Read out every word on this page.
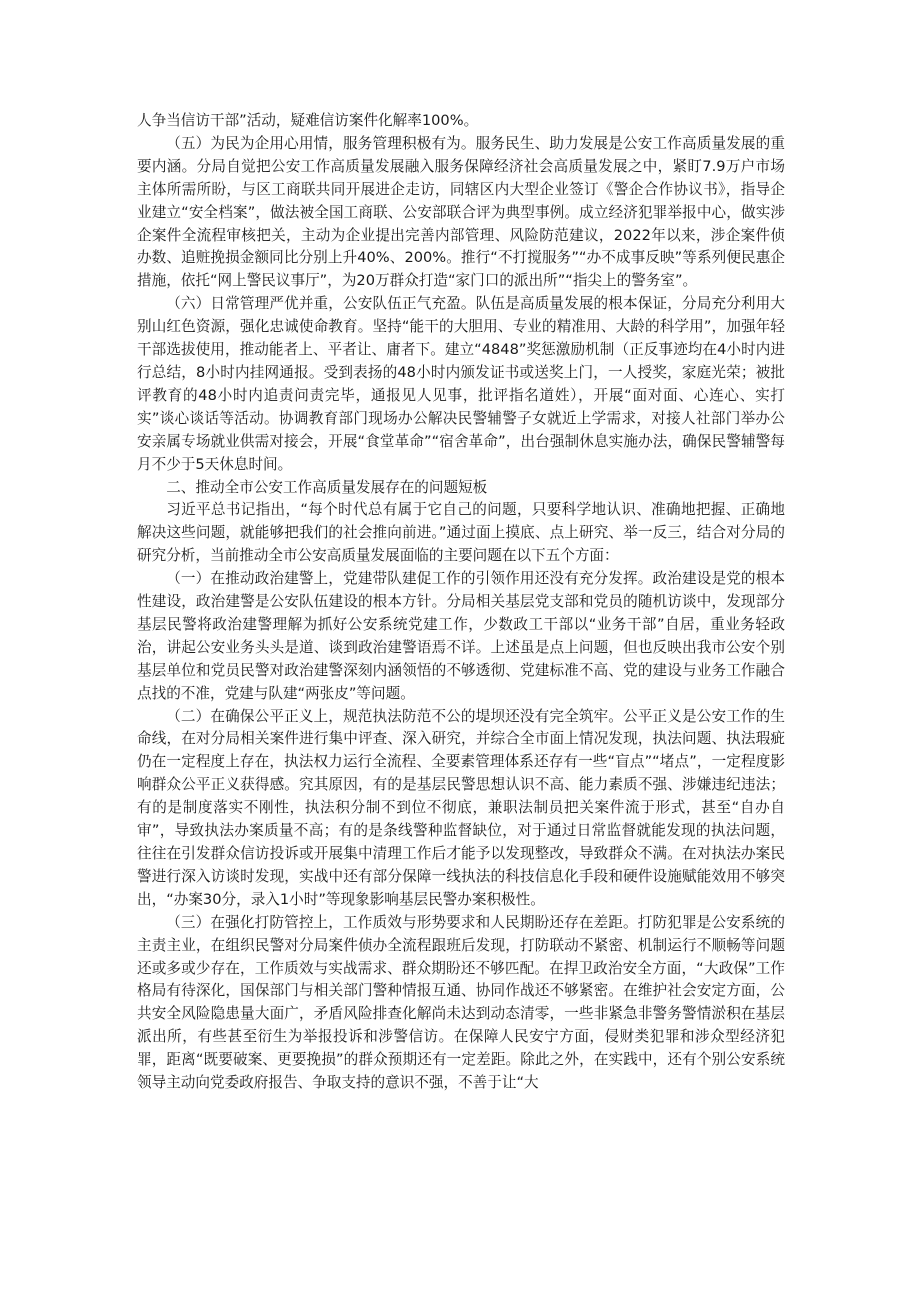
人争当信访干部”活动，疑难信访案件化解率100%。

（五）为民为企用心用情，服务管理积极有为。服务民生、助力发展是公安工作高质量发展的重要内涵。分局自觉把公安工作高质量发展融入服务保障经济社会高质量发展之中，紧盯7.9万户市场主体所需所盼，与区工商联共同开展进企走访，同辖区内大型企业签订《警企合作协议书》，指导企业建立“安全档案”，做法被全国工商联、公安部联合评为典型事例。成立经济犯罪举报中心，做实涉企案件全流程审核把关，主动为企业提出完善内部管理、风险防范建议，2022年以来，涉企案件侦办数、追赃挽损金额同比分别上升40%、200%。推行“不打搅服务”“办不成事反映”等系列便民惠企措施，依托“网上警民议事厅”，为20万群众打造“家门口的派出所”“指尖上的警务室”。

（六）日常管理严优并重，公安队伍正气充盈。队伍是高质量发展的根本保证，分局充分利用大别山红色资源，强化忠诚使命教育。坚持“能干的大胆用、专业的精准用、大龄的科学用”，加强年轻干部选拔使用，推动能者上、平者让、庸者下。建立“4848”奖惩激励机制（正反事迹均在4小时内进行总结，8小时内挂网通报。受到表扬的48小时内颁发证书或送奖上门，一人授奖，家庭光荣；被批评教育的48小时内追责问责完毕，通报见人见事，批评指名道姓），开展“面对面、心连心、实打实”谈心谈话等活动。协调教育部门现场办公解决民警辅警子女就近上学需求，对接人社部门举办公安亲属专场就业供需对接会，开展“食堂革命”“宿舍革命”，出台强制休息实施办法，确保民警辅警每月不少于5天休息时间。

二、推动全市公安工作高质量发展存在的问题短板

习近平总书记指出，“每个时代总有属于它自己的问题，只要科学地认识、准确地把握、正确地解决这些问题，就能够把我们的社会推向前进。”通过面上摸底、点上研究、举一反三，结合对分局的研究分析，当前推动全市公安高质量发展面临的主要问题在以下五个方面：

（一）在推动政治建警上，党建带队建促工作的引领作用还没有充分发挥。政治建设是党的根本性建设，政治建警是公安队伍建设的根本方针。分局相关基层党支部和党员的随机访谈中，发现部分基层民警将政治建警理解为抓好公安系统党建工作，少数政工干部以“业务干部”自居，重业务轻政治，讲起公安业务头头是道、谈到政治建警语焉不详。上述虽是点上问题，但也反映出我市公安个别基层单位和党员民警对政治建警深刻内涵领悟的不够透彻、党建标准不高、党的建设与业务工作融合点找的不准，党建与队建“两张皮”等问题。

（二）在确保公平正义上，规范执法防范不公的堤坝还没有完全筑牢。公平正义是公安工作的生命线，在对分局相关案件进行集中评查、深入研究，并综合全市面上情况发现，执法问题、执法瑕疵仍在一定程度上存在，执法权力运行全流程、全要素管理体系还存有一些“盲点”“堵点”，一定程度影响群众公平正义获得感。究其原因，有的是基层民警思想认识不高、能力素质不强、涉嫌违纪违法；有的是制度落实不刚性，执法积分制不到位不彻底，兼职法制员把关案件流于形式，甚至“自办自审”，导致执法办案质量不高；有的是条线警种监督缺位，对于通过日常监督就能发现的执法问题，往往在引发群众信访投诉或开展集中清理工作后才能予以发现整改，导致群众不满。在对执法办案民警进行深入访谈时发现，实战中还有部分保障一线执法的科技信息化手段和硬件设施赋能效用不够突出，“办案30分，录入1小时”等现象影响基层民警办案积极性。

（三）在强化打防管控上，工作质效与形势要求和人民期盼还存在差距。打防犯罪是公安系统的主责主业，在组织民警对分局案件侦办全流程跟班后发现，打防联动不紧密、机制运行不顺畅等问题还或多或少存在，工作质效与实战需求、群众期盼还不够匹配。在捍卫政治安全方面，“大政保”工作格局有待深化，国保部门与相关部门警种情报互通、协同作战还不够紧密。在维护社会安定方面，公共安全风险隐患量大面广，矛盾风险排查化解尚未达到动态清零，一些非紧急非警务警情淤积在基层派出所，有些甚至衍生为举报投诉和涉警信访。在保障人民安宁方面，侵财类犯罪和涉众型经济犯罪，距离“既要破案、更要挽损”的群众预期还有一定差距。除此之外，在实践中，还有个别公安系统领导主动向党委政府报告、争取支持的意识不强，不善于让“大
